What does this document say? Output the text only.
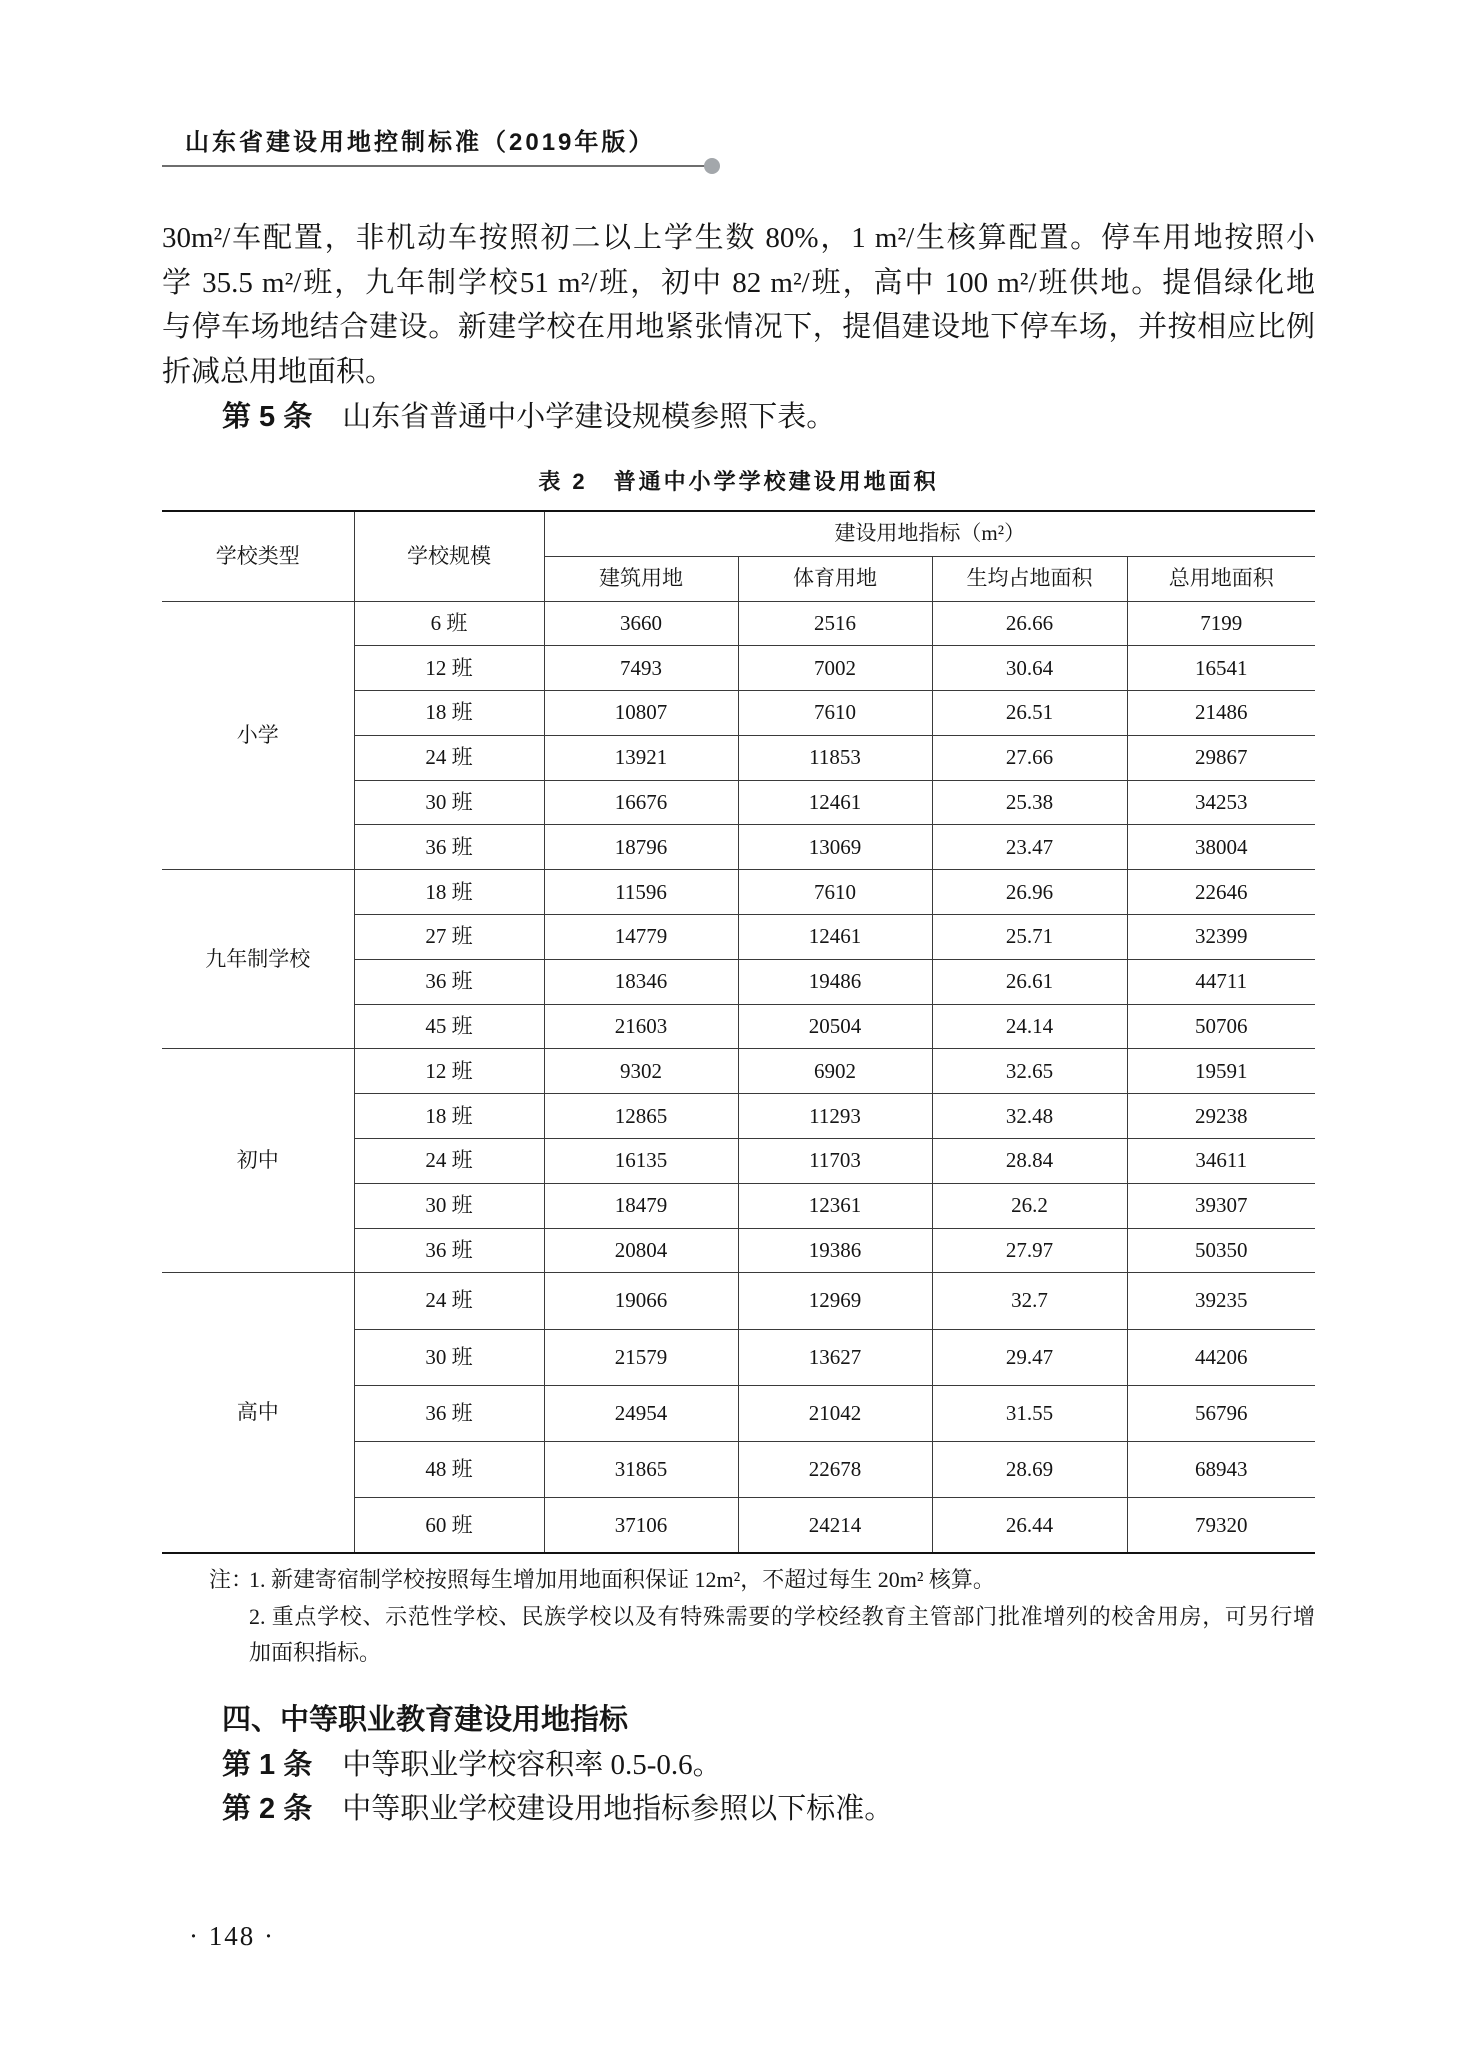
山东省建设用地控制标准（2019年版）
30m²/车配置，非机动车按照初二以上学生数 80%，1 m²/生核算配置。停车用地按照小
学 35.5 m²/班，九年制学校51 m²/班，初中 82 m²/班，高中 100 m²/班供地。提倡绿化地
与停车场地结合建设。新建学校在用地紧张情况下，提倡建设地下停车场，并按相应比例
折减总用地面积。
第 5 条 山东省普通中小学建设规模参照下表。
表 2 普通中小学学校建设用地面积
学校类型	学校规模	建设用地指标（m²）			
		建筑用地	体育用地	生均占地面积	总用地面积
小学	6 班	3660	2516	26.66	7199
	12 班	7493	7002	30.64	16541
	18 班	10807	7610	26.51	21486
	24 班	13921	11853	27.66	29867
	30 班	16676	12461	25.38	34253
	36 班	18796	13069	23.47	38004
九年制学校	18 班	11596	7610	26.96	22646
	27 班	14779	12461	25.71	32399
	36 班	18346	19486	26.61	44711
	45 班	21603	20504	24.14	50706
初中	12 班	9302	6902	32.65	19591
	18 班	12865	11293	32.48	29238
	24 班	16135	11703	28.84	34611
	30 班	18479	12361	26.2	39307
	36 班	20804	19386	27.97	50350
高中	24 班	19066	12969	32.7	39235
	30 班	21579	13627	29.47	44206
	36 班	24954	21042	31.55	56796
	48 班	31865	22678	28.69	68943
	60 班	37106	24214	26.44	79320
注：
1. 新建寄宿制学校按照每生增加用地面积保证 12m²，不超过每生 20m² 核算。
2. 重点学校、示范性学校、民族学校以及有特殊需要的学校经教育主管部门批准增列的校舍用房，可另行增
加面积指标。
四、中等职业教育建设用地指标
第 1 条 中等职业学校容积率 0.5-0.6。
第 2 条 中等职业学校建设用地指标参照以下标准。
· 148 ·
